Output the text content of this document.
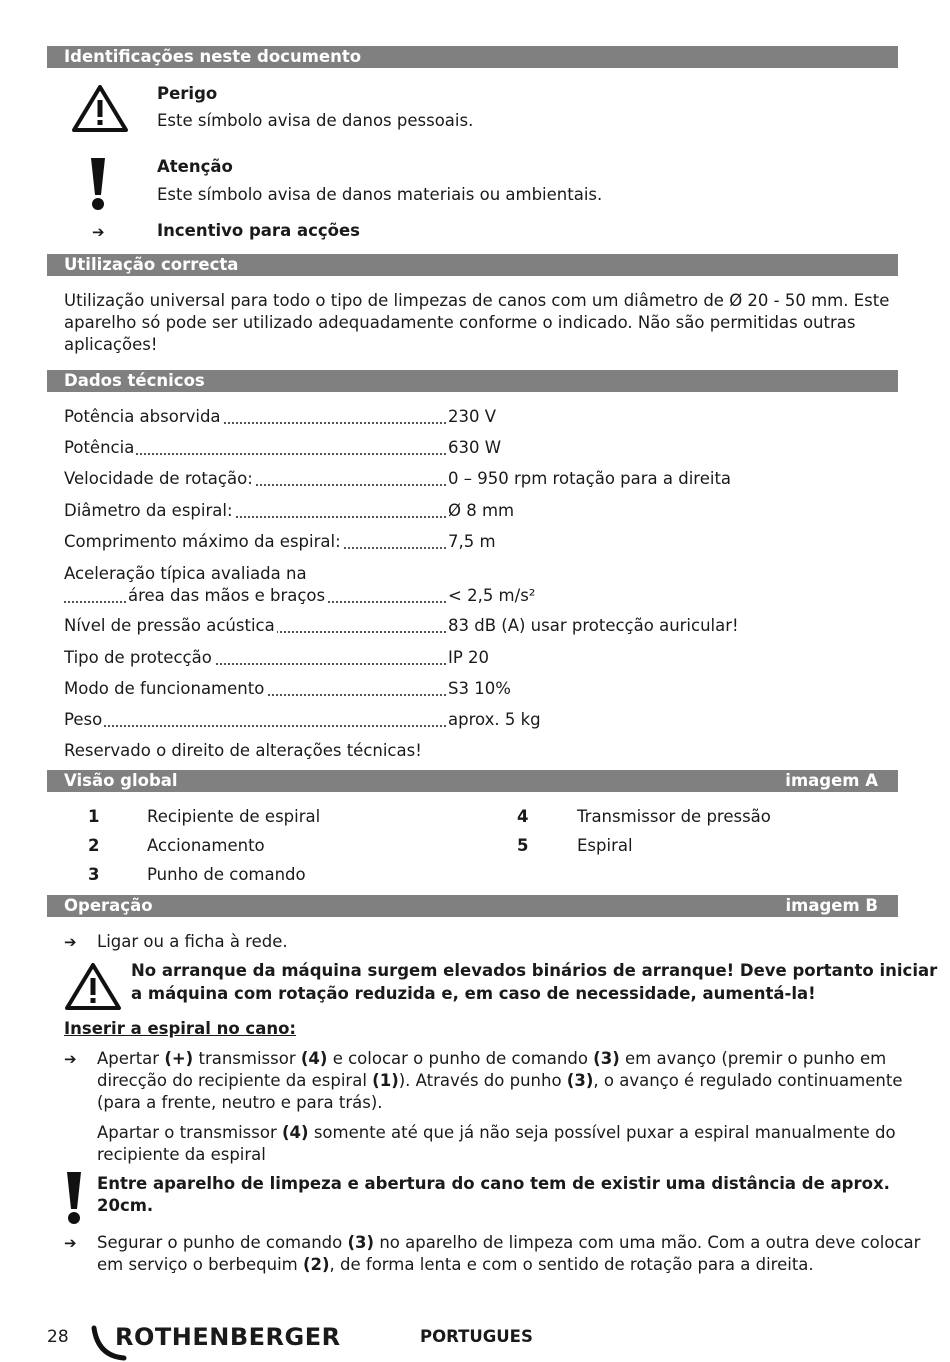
Identificações neste documento
Perigo
Este símbolo avisa de danos pessoais.
Atenção
Este símbolo avisa de danos materiais ou ambientais.
➔	Incentivo para acções
Utilização correcta
Utilização universal para todo o tipo de limpezas de canos com um diâmetro de Ø 20 - 50 mm. Este
aparelho só pode ser utilizado adequadamente conforme o indicado. Não são permitidas outras
aplicações!
Dados técnicos
Potência absorvida	230 V
Potência	630 W
Velocidade de rotação:	0 – 950 rpm rotação para a direita
Diâmetro da espiral:	Ø 8 mm
Comprimento máximo da espiral:	7,5 m
Aceleração típica avaliada na
área das mãos e braços	< 2,5 m/s²
Nível de pressão acústica	83 dB (A) usar protecção auricular!
Tipo de protecção	IP 20
Modo de funcionamento	S3 10%
Peso	aprox. 5 kg
Reservado o direito de alterações técnicas!
Visão global	imagem A
1	Recipiente de espiral
2	Accionamento
3	Punho de comando
4	Transmissor de pressão
5	Espiral
Operação	imagem B
➔ Ligar ou a ficha à rede.
No arranque da máquina surgem elevados binários de arranque! Deve portanto iniciar
a máquina com rotação reduzida e, em caso de necessidade, aumentá-la!
Inserir a espiral no cano:
➔ Apertar (+) transmissor (4) e colocar o punho de comando (3) em avanço (premir o punho em
direcção do recipiente da espiral (1)). Através do punho (3), o avanço é regulado continuamente
(para a frente, neutro e para trás).
Apartar o transmissor (4) somente até que já não seja possível puxar a espiral manualmente do
recipiente da espiral
Entre aparelho de limpeza e abertura do cano tem de existir uma distância de aprox.
20cm.
➔ Segurar o punho de comando (3) no aparelho de limpeza com uma mão. Com a outra deve colocar
em serviço o berbequim (2), de forma lenta e com o sentido de rotação para a direita.
28 ROTHENBERGER	PORTUGUES
